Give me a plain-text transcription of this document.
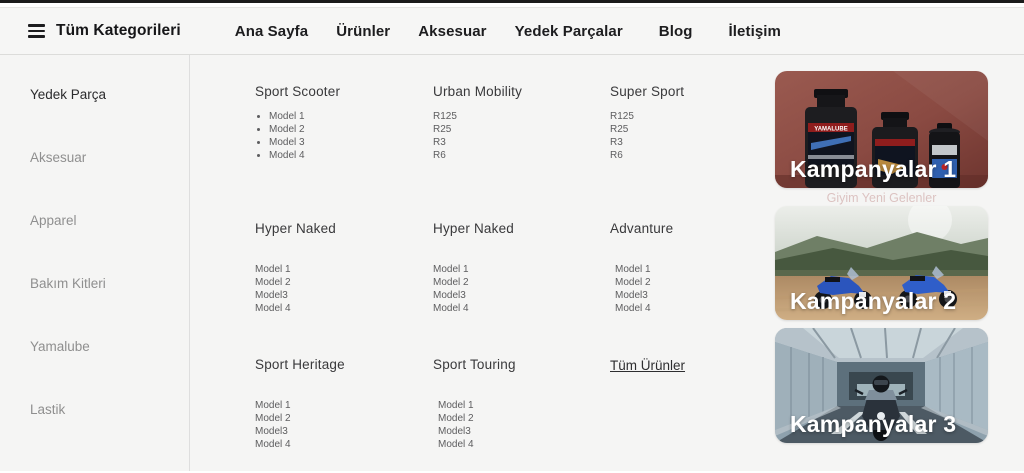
Tüm Kategorileri	Ana Sayfa	Ürünler	Aksesuar	Yedek Parçalar	Blog	İletişim
Yedek Parça
Aksesuar
Apparel
Bakım Kitleri
Yamalube
Lastik
Sport Scooter
• Model 1
• Model 2
• Model 3
• Model 4
Urban Mobility
R125
R25
R3
R6
Super Sport
R125
R25
R3
R6
Hyper Naked
Model 1
Model 2
Model3
Model 4
Hyper Naked
Model 1
Model 2
Model3
Model 4
Advanture
Model 1
Model 2
Model3
Model 4
Sport Heritage
Model 1
Model 2
Model3
Model 4
Sport Touring
Model 1
Model 2
Model3
Model 4
Tüm Ürünler
YAMALUBE
Kampanyalar 1
Giyim Yeni Gelenler
Kampanyalar 2
Kampanyalar 3
